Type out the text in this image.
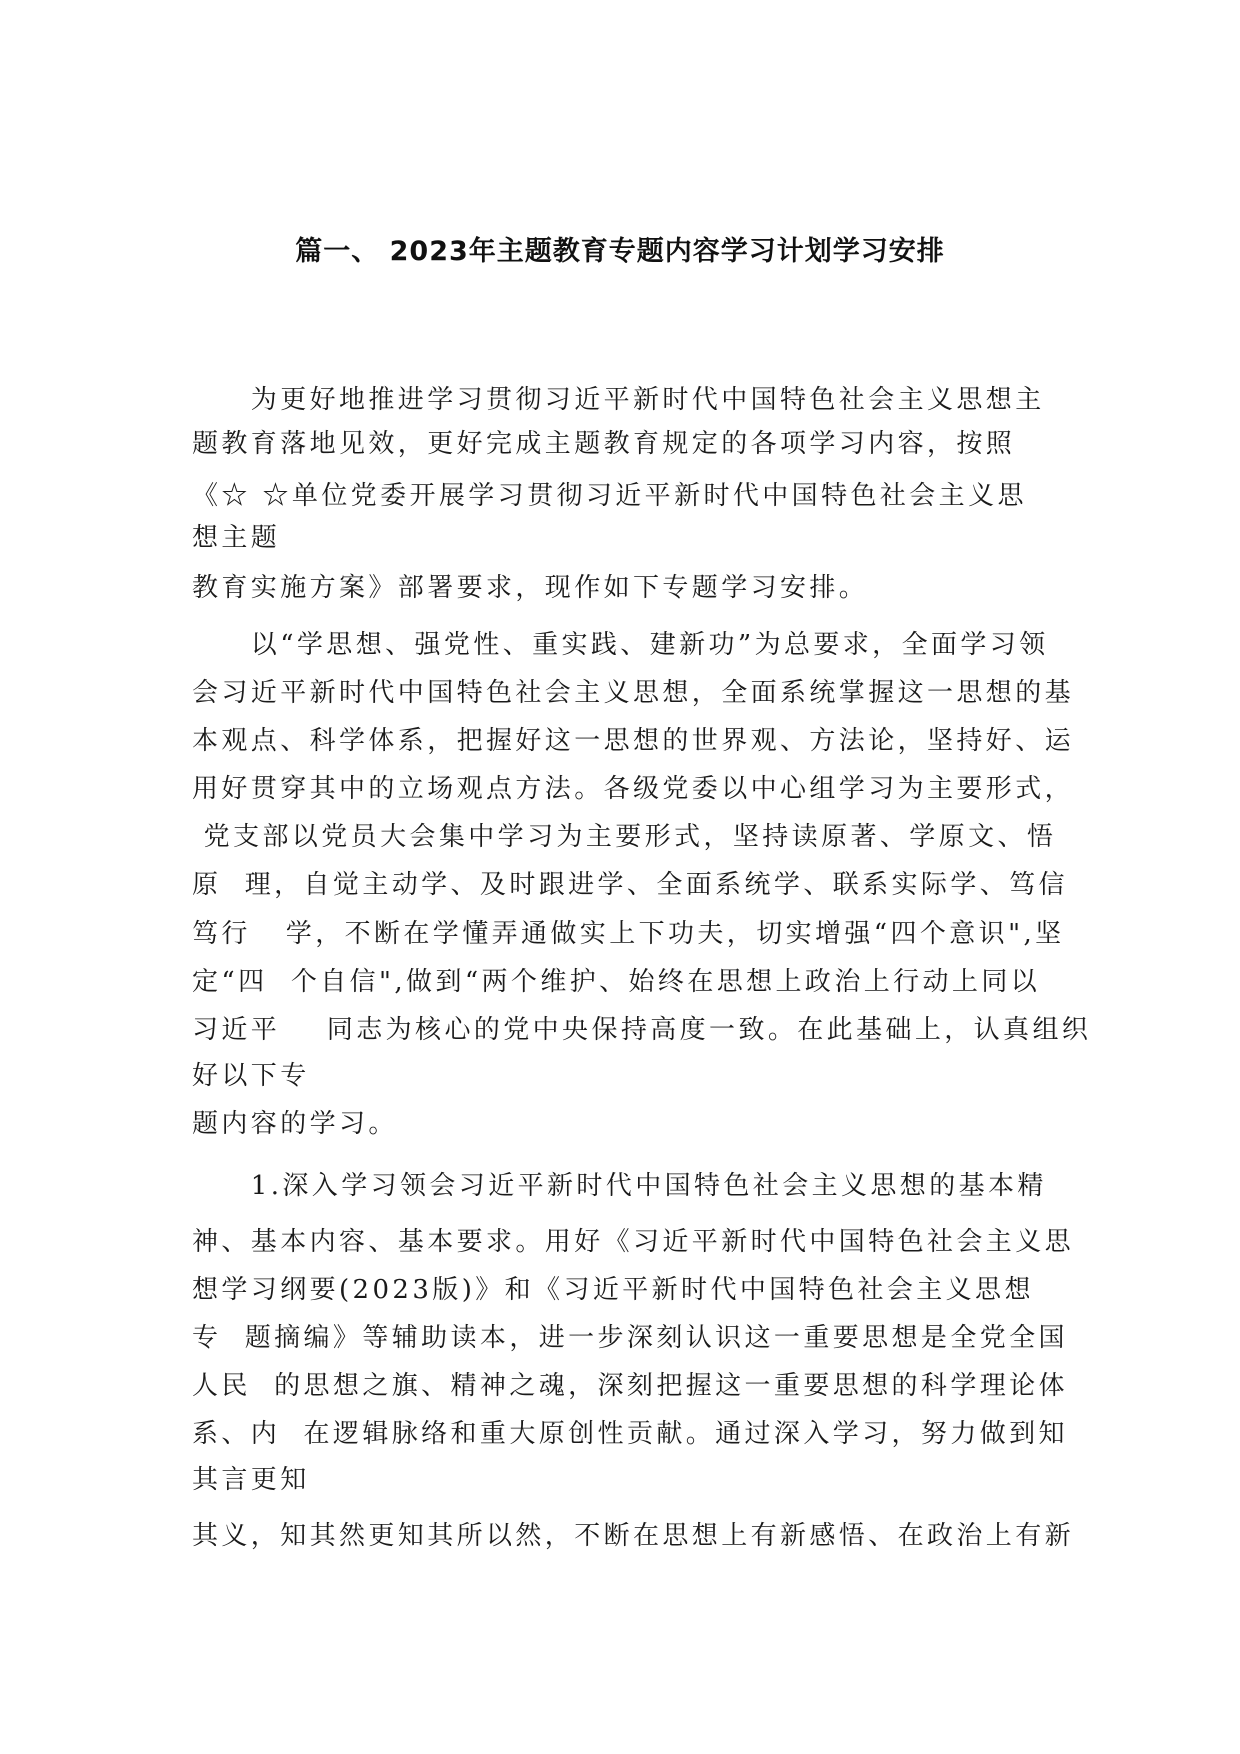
篇一、 2023年主题教育专题内容学习计划学习安排
　　为更好地推进学习贯彻习近平新时代中国特色社会主义思想主
题教育落地见效，更好完成主题教育规定的各项学习内容，按照
《☆ ☆单位党委开展学习贯彻习近平新时代中国特色社会主义思
想主题
教育实施方案》部署要求，现作如下专题学习安排。
　　以“学思想、强党性、重实践、建新功”为总要求，全面学习领
会习近平新时代中国特色社会主义思想，全面系统掌握这一思想的基
本观点、科学体系，把握好这一思想的世界观、方法论，坚持好、运
用好贯穿其中的立场观点方法。各级党委以中心组学习为主要形式，
党支部以党员大会集中学习为主要形式，坚持读原著、学原文、悟
原  理，自觉主动学、及时跟进学、全面系统学、联系实际学、笃信
笃行   学，不断在学懂弄通做实上下功夫，切实增强“四个意识",坚
定“四  个自信",做到“两个维护、始终在思想上政治上行动上同以
习近平    同志为核心的党中央保持高度一致。在此基础上，认真组织
好以下专
题内容的学习。
　　1.深入学习领会习近平新时代中国特色社会主义思想的基本精
神、基本内容、基本要求。用好《习近平新时代中国特色社会主义思
想学习纲要(2023版)》和《习近平新时代中国特色社会主义思想
专  题摘编》等辅助读本，进一步深刻认识这一重要思想是全党全国
人民  的思想之旗、精神之魂，深刻把握这一重要思想的科学理论体
系、内  在逻辑脉络和重大原创性贡献。通过深入学习，努力做到知
其言更知
其义，知其然更知其所以然，不断在思想上有新感悟、在政治上有新
